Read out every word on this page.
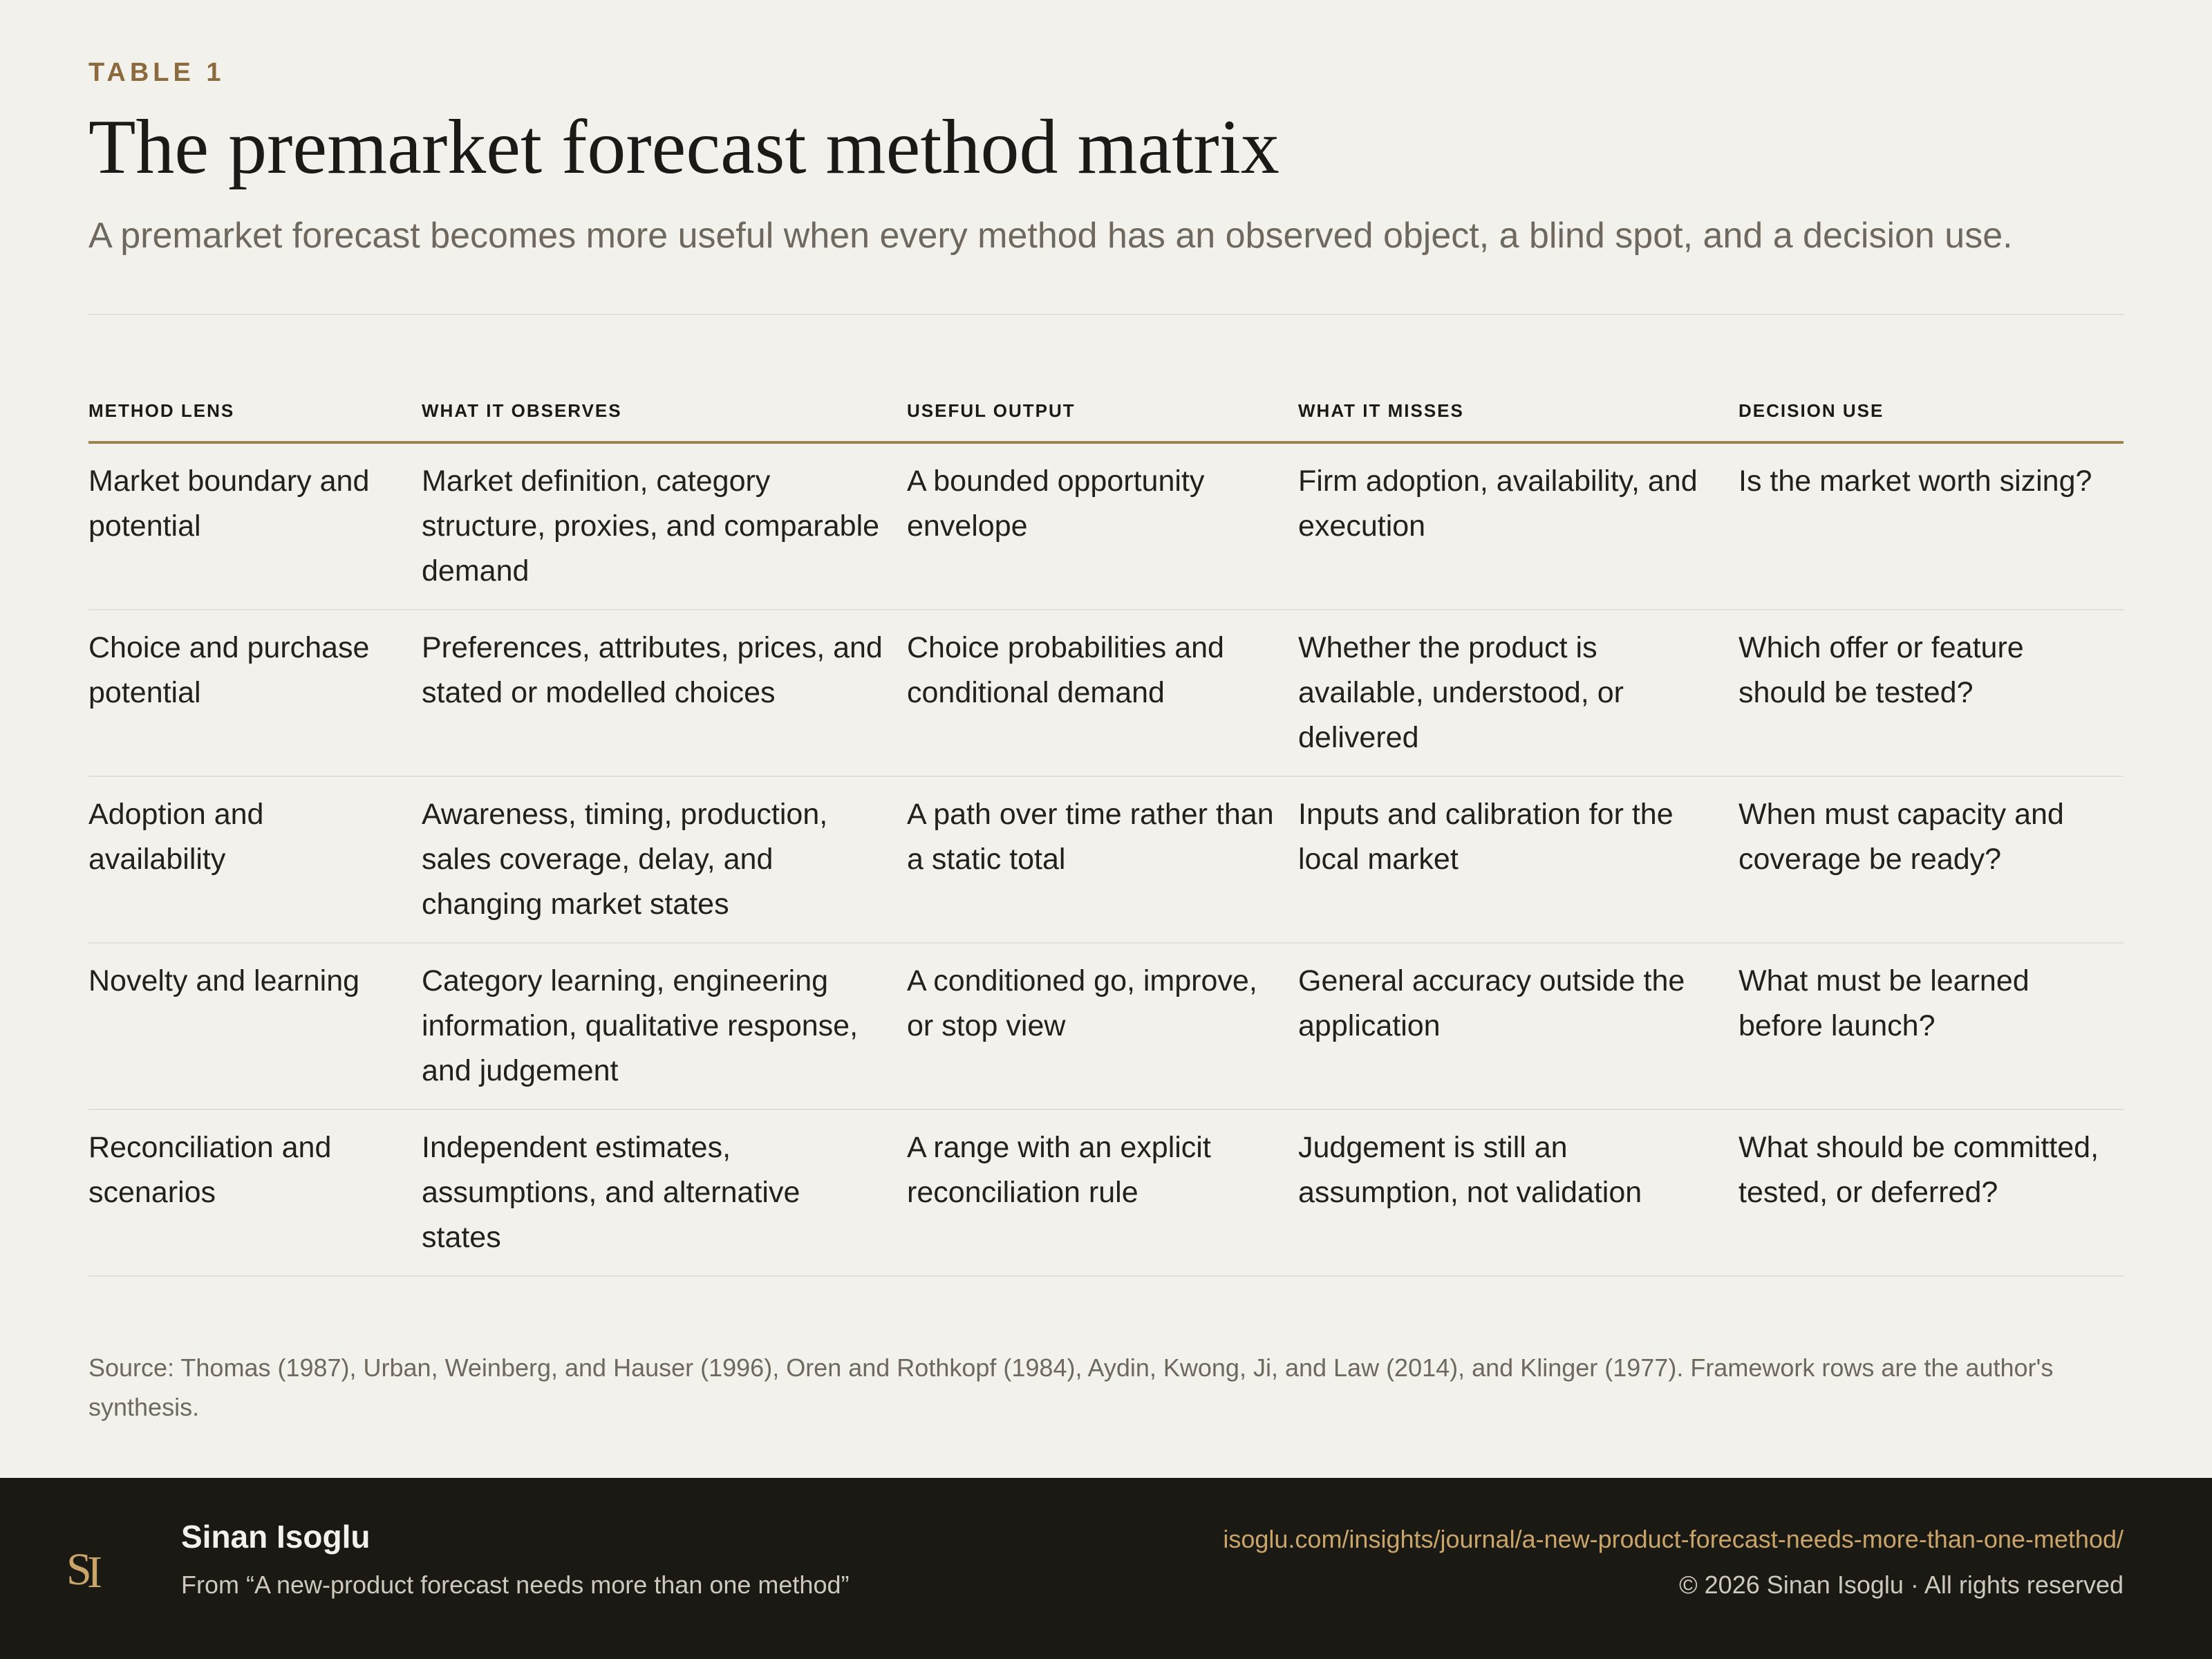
TABLE 1
The premarket forecast method matrix
A premarket forecast becomes more useful when every method has an observed object, a blind spot, and a decision use.
METHOD LENS	WHAT IT OBSERVES	USEFUL OUTPUT	WHAT IT MISSES	DECISION USE
Market boundary and potential	Market definition, category structure, proxies, and comparable demand	A bounded opportunity envelope	Firm adoption, availability, and execution	Is the market worth sizing?
Choice and purchase potential	Preferences, attributes, prices, and stated or modelled choices	Choice probabilities and conditional demand	Whether the product is available, understood, or delivered	Which offer or feature should be tested?
Adoption and availability	Awareness, timing, production, sales coverage, delay, and changing market states	A path over time rather than a static total	Inputs and calibration for the local market	When must capacity and coverage be ready?
Novelty and learning	Category learning, engineering information, qualitative response, and judgement	A conditioned go, improve, or stop view	General accuracy outside the application	What must be learned before launch?
Reconciliation and scenarios	Independent estimates, assumptions, and alternative states	A range with an explicit reconciliation rule	Judgement is still an assumption, not validation	What should be committed, tested, or deferred?
Source: Thomas (1987), Urban, Weinberg, and Hauser (1996), Oren and Rothkopf (1984), Aydin, Kwong, Ji, and Law (2014), and Klinger (1977). Framework rows are the author's synthesis.
S
I
Sinan Isoglu
From “A new-product forecast needs more than one method”
isoglu.com/insights/journal/a-new-product-forecast-needs-more-than-one-method/
© 2026 Sinan Isoglu · All rights reserved
